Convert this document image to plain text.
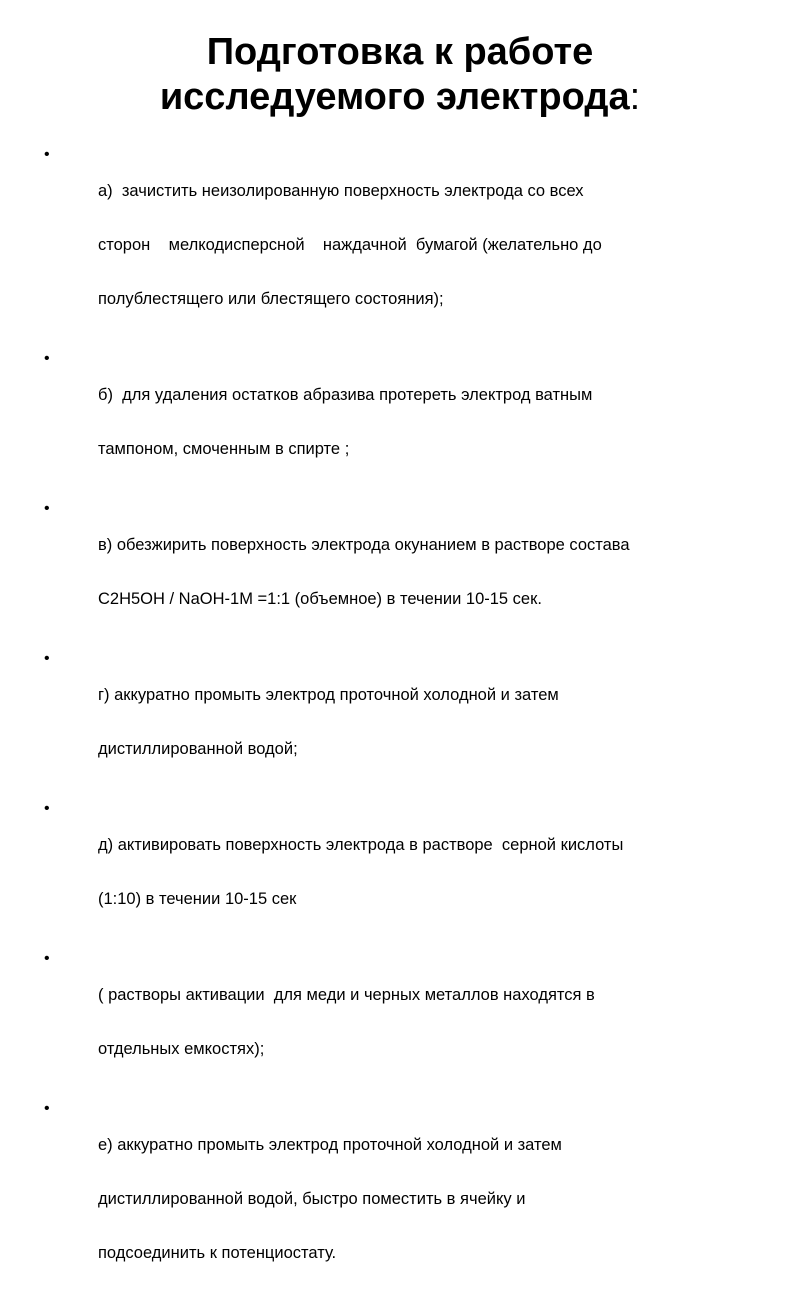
Подготовка к работе
исследуемого электрода:
•

а)  зачистить неизолированную поверхность электрода со всех

сторон    мелкодисперсной    наждачной  бумагой (желательно до

полублестящего или блестящего состояния);

•

б)  для удаления остатков абразива протереть электрод ватным

тампоном, смоченным в спирте ;

•

в) обезжирить поверхность электрода окунанием в растворе состава

C2H5OH / NaOH-1M =1:1 (объемное) в течении 10-15 сек.

•

г) аккуратно промыть электрод проточной холодной и затем

дистиллированной водой;

•

д) активировать поверхность электрода в растворе  серной кислоты

(1:10) в течении 10-15 сек

•

( растворы активации  для меди и черных металлов находятся в

отдельных емкостях);

•

е) аккуратно промыть электрод проточной холодной и затем

дистиллированной водой, быстро поместить в ячейку и

подсоединить к потенциостату.
